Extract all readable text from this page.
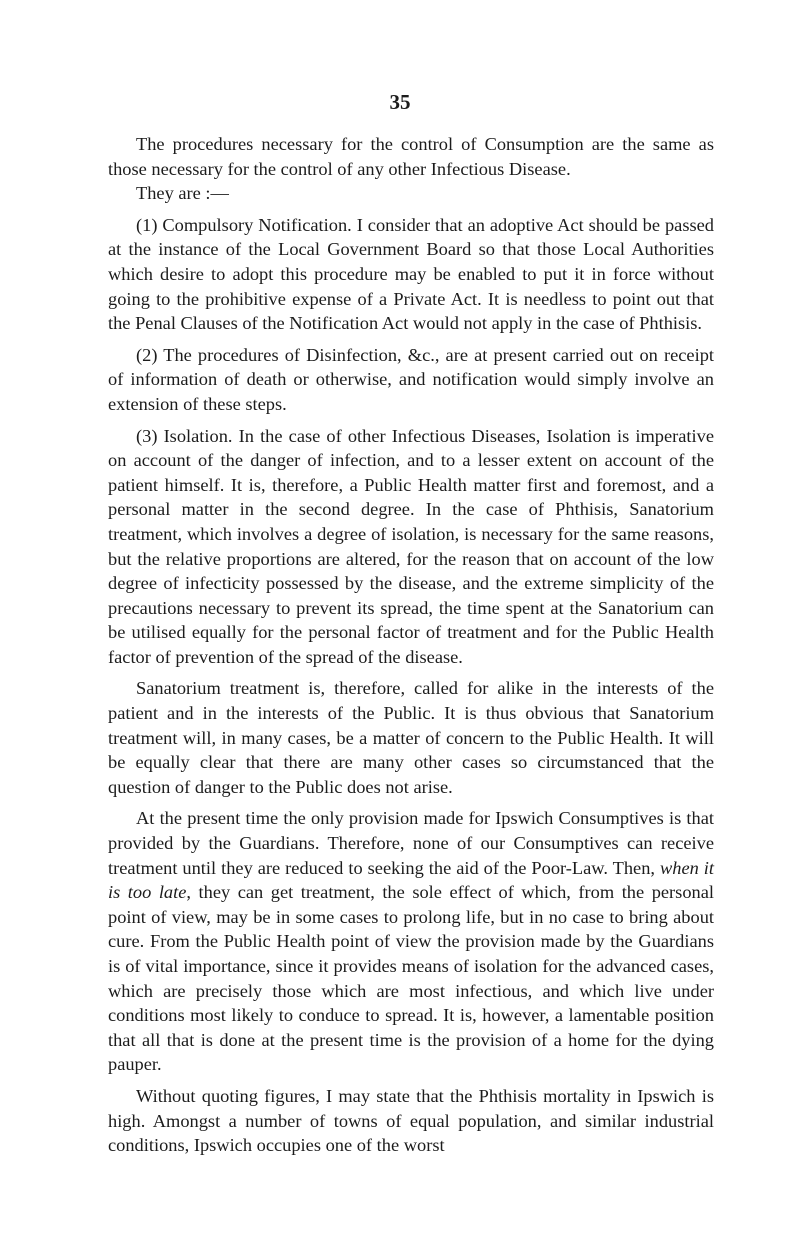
35

The procedures necessary for the control of Consumption are the same as those necessary for the control of any other Infectious Disease.

They are :—

(1) Compulsory Notification. I consider that an adoptive Act should be passed at the instance of the Local Government Board so that those Local Authorities which desire to adopt this procedure may be enabled to put it in force without going to the prohibitive expense of a Private Act. It is needless to point out that the Penal Clauses of the Notification Act would not apply in the case of Phthisis.

(2) The procedures of Disinfection, &c., are at present carried out on receipt of information of death or otherwise, and notification would simply involve an extension of these steps.

(3) Isolation. In the case of other Infectious Diseases, Isolation is imperative on account of the danger of infection, and to a lesser extent on account of the patient himself. It is, therefore, a Public Health matter first and foremost, and a personal matter in the second degree. In the case of Phthisis, Sanatorium treatment, which involves a degree of isolation, is necessary for the same reasons, but the relative proportions are altered, for the reason that on account of the low degree of infecticity possessed by the disease, and the extreme simplicity of the precautions necessary to prevent its spread, the time spent at the Sanatorium can be utilised equally for the personal factor of treatment and for the Public Health factor of prevention of the spread of the disease.

Sanatorium treatment is, therefore, called for alike in the interests of the patient and in the interests of the Public. It is thus obvious that Sanatorium treatment will, in many cases, be a matter of concern to the Public Health. It will be equally clear that there are many other cases so circumstanced that the question of danger to the Public does not arise.

At the present time the only provision made for Ipswich Consumptives is that provided by the Guardians. Therefore, none of our Consumptives can receive treatment until they are reduced to seeking the aid of the Poor-Law. Then, when it is too late, they can get treatment, the sole effect of which, from the personal point of view, may be in some cases to prolong life, but in no case to bring about cure. From the Public Health point of view the provision made by the Guardians is of vital importance, since it provides means of isolation for the advanced cases, which are precisely those which are most infectious, and which live under conditions most likely to conduce to spread. It is, however, a lamentable position that all that is done at the present time is the provision of a home for the dying pauper.

Without quoting figures, I may state that the Phthisis mortality in Ipswich is high. Amongst a number of towns of equal population, and similar industrial conditions, Ipswich occupies one of the worst
